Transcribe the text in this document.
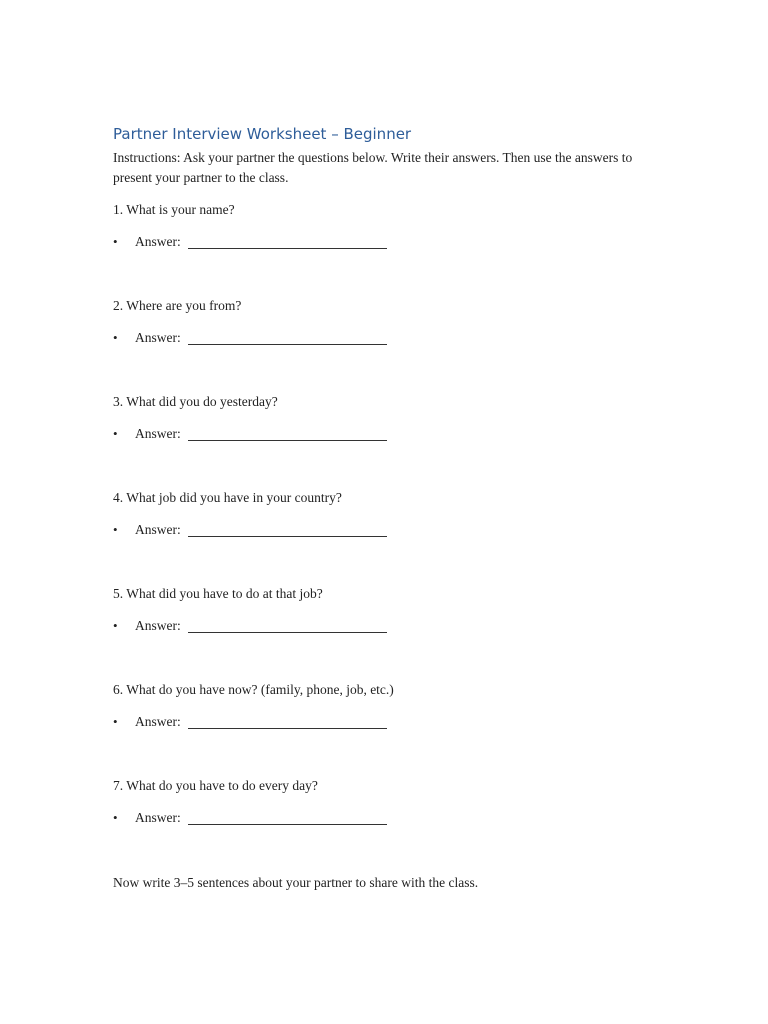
Partner Interview Worksheet – Beginner

Instructions: Ask your partner the questions below. Write their answers. Then use the answers to present your partner to the class.

1. What is your name?

• Answer:

2. Where are you from?

• Answer:

3. What did you do yesterday?

• Answer:

4. What job did you have in your country?

• Answer:

5. What did you have to do at that job?

• Answer:

6. What do you have now? (family, phone, job, etc.)

• Answer:

7. What do you have to do every day?

• Answer:

Now write 3–5 sentences about your partner to share with the class.
